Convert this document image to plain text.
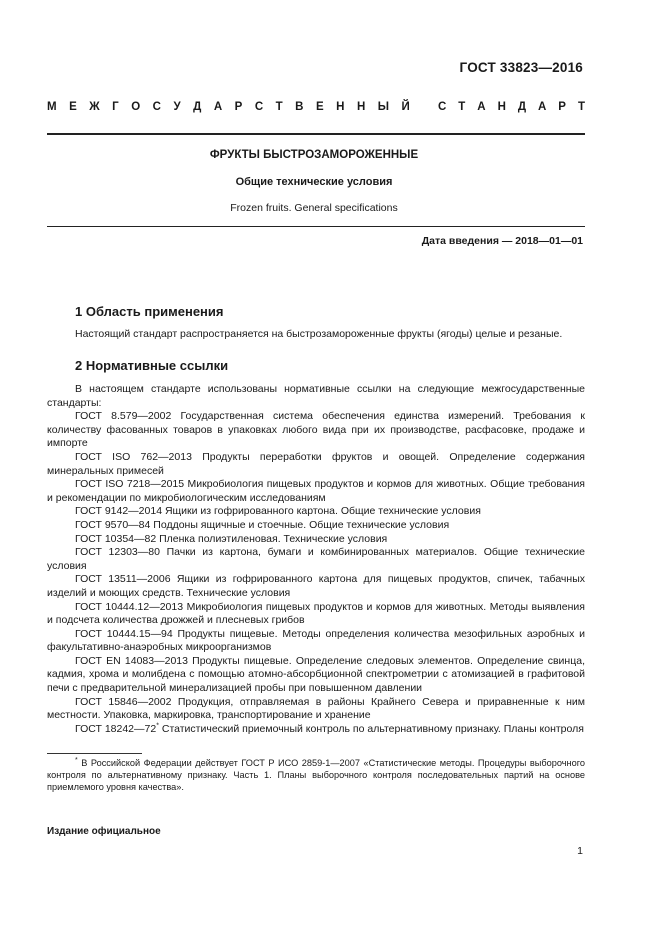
ГОСТ 33823—2016
М Е Ж Г О С У Д А Р С Т В Е Н Н Ы Й С Т А Н Д А Р Т
ФРУКТЫ БЫСТРОЗАМОРОЖЕННЫЕ
Общие технические условия
Frozen fruits. General specifications
Дата введения — 2018—01—01
1 Область применения
Настоящий стандарт распространяется на быстрозамороженные фрукты (ягоды) целые и резаные.
2 Нормативные ссылки

В настоящем стандарте использованы нормативные ссылки на следующие межгосударственные стандарты:

ГОСТ 8.579—2002 Государственная система обеспечения единства измерений. Требования к количеству фасованных товаров в упаковках любого вида при их производстве, расфасовке, продаже и импорте

ГОСТ ISO 762—2013 Продукты переработки фруктов и овощей. Определение содержания минеральных примесей

ГОСТ ISO 7218—2015 Микробиология пищевых продуктов и кормов для животных. Общие требования и рекомендации по микробиологическим исследованиям

ГОСТ 9142—2014 Ящики из гофрированного картона. Общие технические условия

ГОСТ 9570—84 Поддоны ящичные и стоечные. Общие технические условия

ГОСТ 10354—82 Пленка полиэтиленовая. Технические условия

ГОСТ 12303—80 Пачки из картона, бумаги и комбинированных материалов. Общие технические условия

ГОСТ 13511—2006 Ящики из гофрированного картона для пищевых продуктов, спичек, табачных изделий и моющих средств. Технические условия

ГОСТ 10444.12—2013 Микробиология пищевых продуктов и кормов для животных. Методы выявления и подсчета количества дрожжей и плесневых грибов

ГОСТ 10444.15—94 Продукты пищевые. Методы определения количества мезофильных аэробных и факультативно-анаэробных микроорганизмов

ГОСТ EN 14083—2013 Продукты пищевые. Определение следовых элементов. Определение свинца, кадмия, хрома и молибдена с помощью атомно-абсорбционной спектрометрии с атомизацией в графитовой печи с предварительной минерализацией пробы при повышенном давлении

ГОСТ 15846—2002 Продукция, отправляемая в районы Крайнего Севера и приравненные к ним местности. Упаковка, маркировка, транспортирование и хранение

ГОСТ 18242—72* Статистический приемочный контроль по альтернативному признаку. Планы контроля

* В Российской Федерации действует ГОСТ Р ИСО 2859-1—2007 «Статистические методы. Процедуры выборочного контроля по альтернативному признаку. Часть 1. Планы выборочного контроля последовательных партий на основе приемлемого уровня качества».

Издание официальное
1
